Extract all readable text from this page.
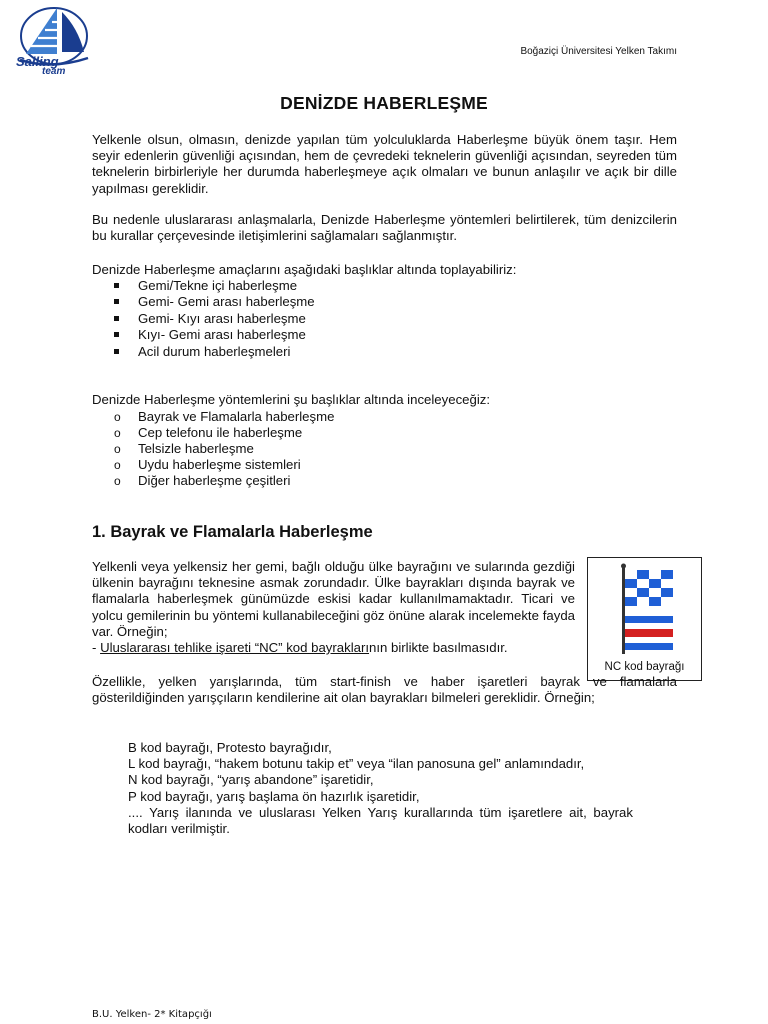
Sailing
team
Boğaziçi Üniversitesi Yelken Takımı
DENİZDE HABERLEŞME
Yelkenle olsun, olmasın, denizde yapılan tüm yolculuklarda Haberleşme büyük önem taşır. Hem seyir edenlerin güvenliği açısından, hem de çevredeki teknelerin güvenliği açısından, seyreden tüm teknelerin birbirleriyle her durumda haberleşmeye açık olmaları ve bunun anlaşılır ve açık bir dille yapılması gereklidir.
Bu nedenle uluslararası anlaşmalarla, Denizde Haberleşme yöntemleri belirtilerek, tüm denizcilerin bu kurallar çerçevesinde iletişimlerini sağlamaları sağlanmıştır.
Denizde Haberleşme amaçlarını aşağıdaki başlıklar altında toplayabiliriz:
Gemi/Tekne içi haberleşme
Gemi- Gemi arası haberleşme
Gemi- Kıyı arası haberleşme
Kıyı- Gemi arası haberleşme
Acil durum haberleşmeleri
Denizde Haberleşme yöntemlerini şu başlıklar altında inceleyeceğiz:
o Bayrak ve Flamalarla haberleşme
o Cep telefonu ile haberleşme
o Telsizle haberleşme
o Uydu haberleşme sistemleri
o Diğer haberleşme çeşitleri
1. Bayrak ve Flamalarla Haberleşme
Yelkenli veya yelkensiz her gemi, bağlı olduğu ülke bayrağını ve sularında gezdiği ülkenin bayrağını teknesine asmak zorundadır. Ülke bayrakları dışında bayrak ve flamalarla haberleşmek günümüzde eskisi kadar kullanılmamaktadır. Ticari ve yolcu gemilerinin bu yöntemi kullanabileceğini göz önüne alarak incelemekte fayda var. Örneğin;
- Uluslararası tehlike işareti “NC” kod bayraklarının birlikte basılmasıdır.
NC kod bayrağı
Özellikle, yelken yarışlarında, tüm start-finish ve haber işaretleri bayrak ve flamalarla gösterildiğinden yarışçıların kendilerine ait olan bayrakları bilmeleri gereklidir. Örneğin;
B kod bayrağı, Protesto bayrağıdır,
L kod bayrağı, “hakem botunu takip et” veya “ilan panosuna gel” anlamındadır,
N kod bayrağı, “yarış abandone” işaretidir,
P kod bayrağı, yarış başlama ön hazırlık işaretidir,
.... Yarış ilanında ve uluslarası Yelken Yarış kurallarında tüm işaretlere ait, bayrak kodları verilmiştir.
B.U. Yelken- 2* Kitapçığı
